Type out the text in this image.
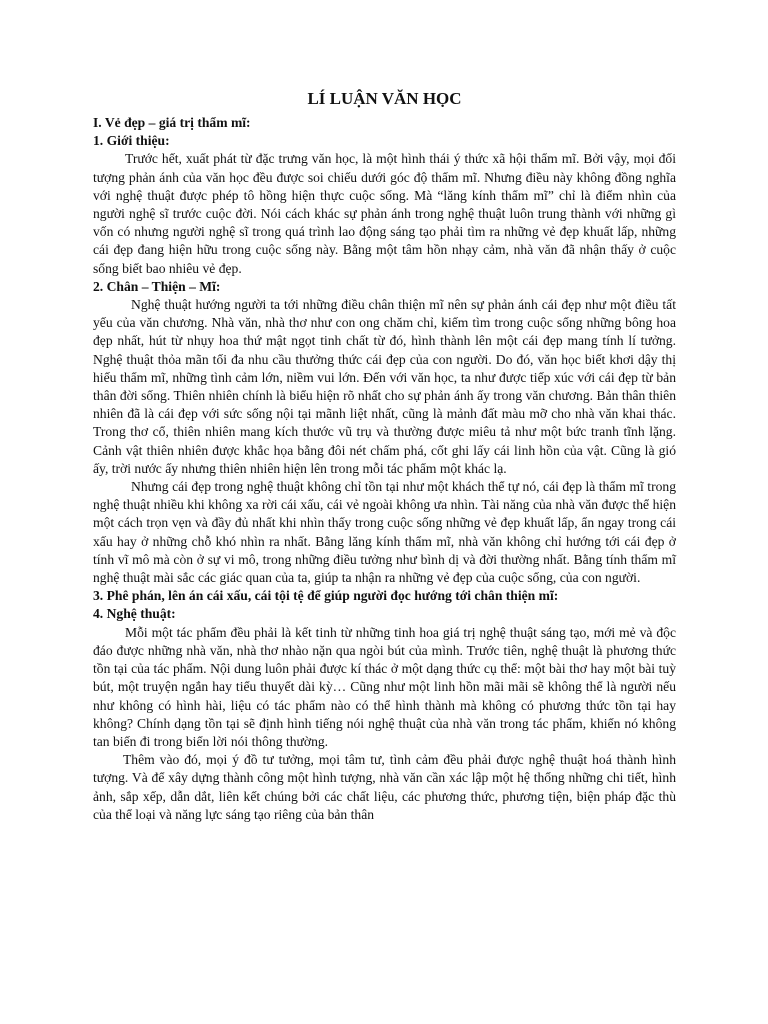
LÍ LUẬN VĂN HỌC

I. Vẻ đẹp – giá trị thẩm mĩ:

1. Giới thiệu:

Trước hết, xuất phát từ đặc trưng văn học, là một hình thái ý thức xã hội thẩm mĩ. Bởi vậy, mọi đối tượng phản ánh của văn học đều được soi chiếu dưới góc độ thẩm mĩ. Nhưng điều này không đồng nghĩa với nghệ thuật được phép tô hồng hiện thực cuộc sống. Mà “lăng kính thẩm mĩ” chỉ là điểm nhìn của người nghệ sĩ trước cuộc đời. Nói cách khác sự phản ánh trong nghệ thuật luôn trung thành với những gì vốn có nhưng người nghệ sĩ trong quá trình lao động sáng tạo phải tìm ra những vẻ đẹp khuất lấp, những cái đẹp đang hiện hữu trong cuộc sống này. Bằng một tâm hồn nhạy cảm, nhà văn đã nhận thấy ở cuộc sống biết bao nhiêu vẻ đẹp.

2. Chân – Thiện – Mĩ:

Nghệ thuật hướng người ta tới những điều chân thiện mĩ nên sự phản ánh cái đẹp như một điều tất yếu của văn chương. Nhà văn, nhà thơ như con ong chăm chỉ, kiếm tìm trong cuộc sống những bông hoa đẹp nhất, hút từ nhụy hoa thứ mật ngọt tinh chất từ đó, hình thành lên một cái đẹp mang tính lí tưởng. Nghệ thuật thỏa mãn tối đa nhu cầu thưởng thức cái đẹp của con người. Do đó, văn học biết khơi dậy thị hiếu thẩm mĩ, những tình cảm lớn, niềm vui lớn. Đến với văn học, ta như được tiếp xúc với cái đẹp từ bản thân đời sống. Thiên nhiên chính là biểu hiện rõ nhất cho sự phản ánh ấy trong văn chương. Bản thân thiên nhiên đã là cái đẹp với sức sống nội tại mãnh liệt nhất, cũng là mảnh đất màu mỡ cho nhà văn khai thác. Trong thơ cổ, thiên nhiên mang kích thước vũ trụ và thường được miêu tả như một bức tranh tĩnh lặng. Cảnh vật thiên nhiên được khắc họa bằng đôi nét chấm phá, cốt ghi lấy cái linh hồn của vật. Cũng là gió ấy, trời nước ấy nhưng thiên nhiên hiện lên trong mỗi tác phẩm một khác lạ.

Nhưng cái đẹp trong nghệ thuật không chỉ tồn tại như một khách thể tự nó, cái đẹp là thẩm mĩ trong nghệ thuật nhiều khi không xa rời cái xấu, cái vẻ ngoài không ưa nhìn. Tài năng của nhà văn được thể hiện một cách trọn vẹn và đầy đủ nhất khi nhìn thấy trong cuộc sống những vẻ đẹp khuất lấp, ẩn ngay trong cái xấu hay ở những chỗ khó nhìn ra nhất. Bằng lăng kính thẩm mĩ, nhà văn không chỉ hướng tới cái đẹp ở tính vĩ mô mà còn ở sự vi mô, trong những điều tưởng như bình dị và đời thường nhất. Bằng tính thẩm mĩ nghệ thuật mài sắc các giác quan của ta, giúp ta nhận ra những vẻ đẹp của cuộc sống, của con người.

3. Phê phán, lên án cái xấu, cái tội tệ để giúp người đọc hướng tới chân thiện mĩ:

4. Nghệ thuật:

Mỗi một tác phẩm đều phải là kết tinh từ những tinh hoa giá trị nghệ thuật sáng tạo, mới mẻ và độc đáo được những nhà văn, nhà thơ nhào nặn qua ngòi bút của mình. Trước tiên, nghệ thuật là phương thức tồn tại của tác phẩm. Nội dung luôn phải được kí thác ở một dạng thức cụ thể: một bài thơ hay một bài tuỳ bút, một truyện ngắn hay tiểu thuyết dài kỳ… Cũng như một linh hồn mãi mãi sẽ không thể là người nếu như không có hình hài, liệu có tác phẩm nào có thể hình thành mà không có phương thức tồn tại hay không? Chính dạng tồn tại sẽ định hình tiếng nói nghệ thuật của nhà văn trong tác phẩm, khiến nó không tan biến đi trong biển lời nói thông thường.

Thêm vào đó, mọi ý đồ tư tưởng, mọi tâm tư, tình cảm đều phải được nghệ thuật hoá thành hình tượng. Và để xây dựng thành công một hình tượng, nhà văn cần xác lập một hệ thống những chi tiết, hình ảnh, sắp xếp, dẫn dắt, liên kết chúng bởi các chất liệu, các phương thức, phương tiện, biện pháp đặc thù của thể loại và năng lực sáng tạo riêng của bản thân
